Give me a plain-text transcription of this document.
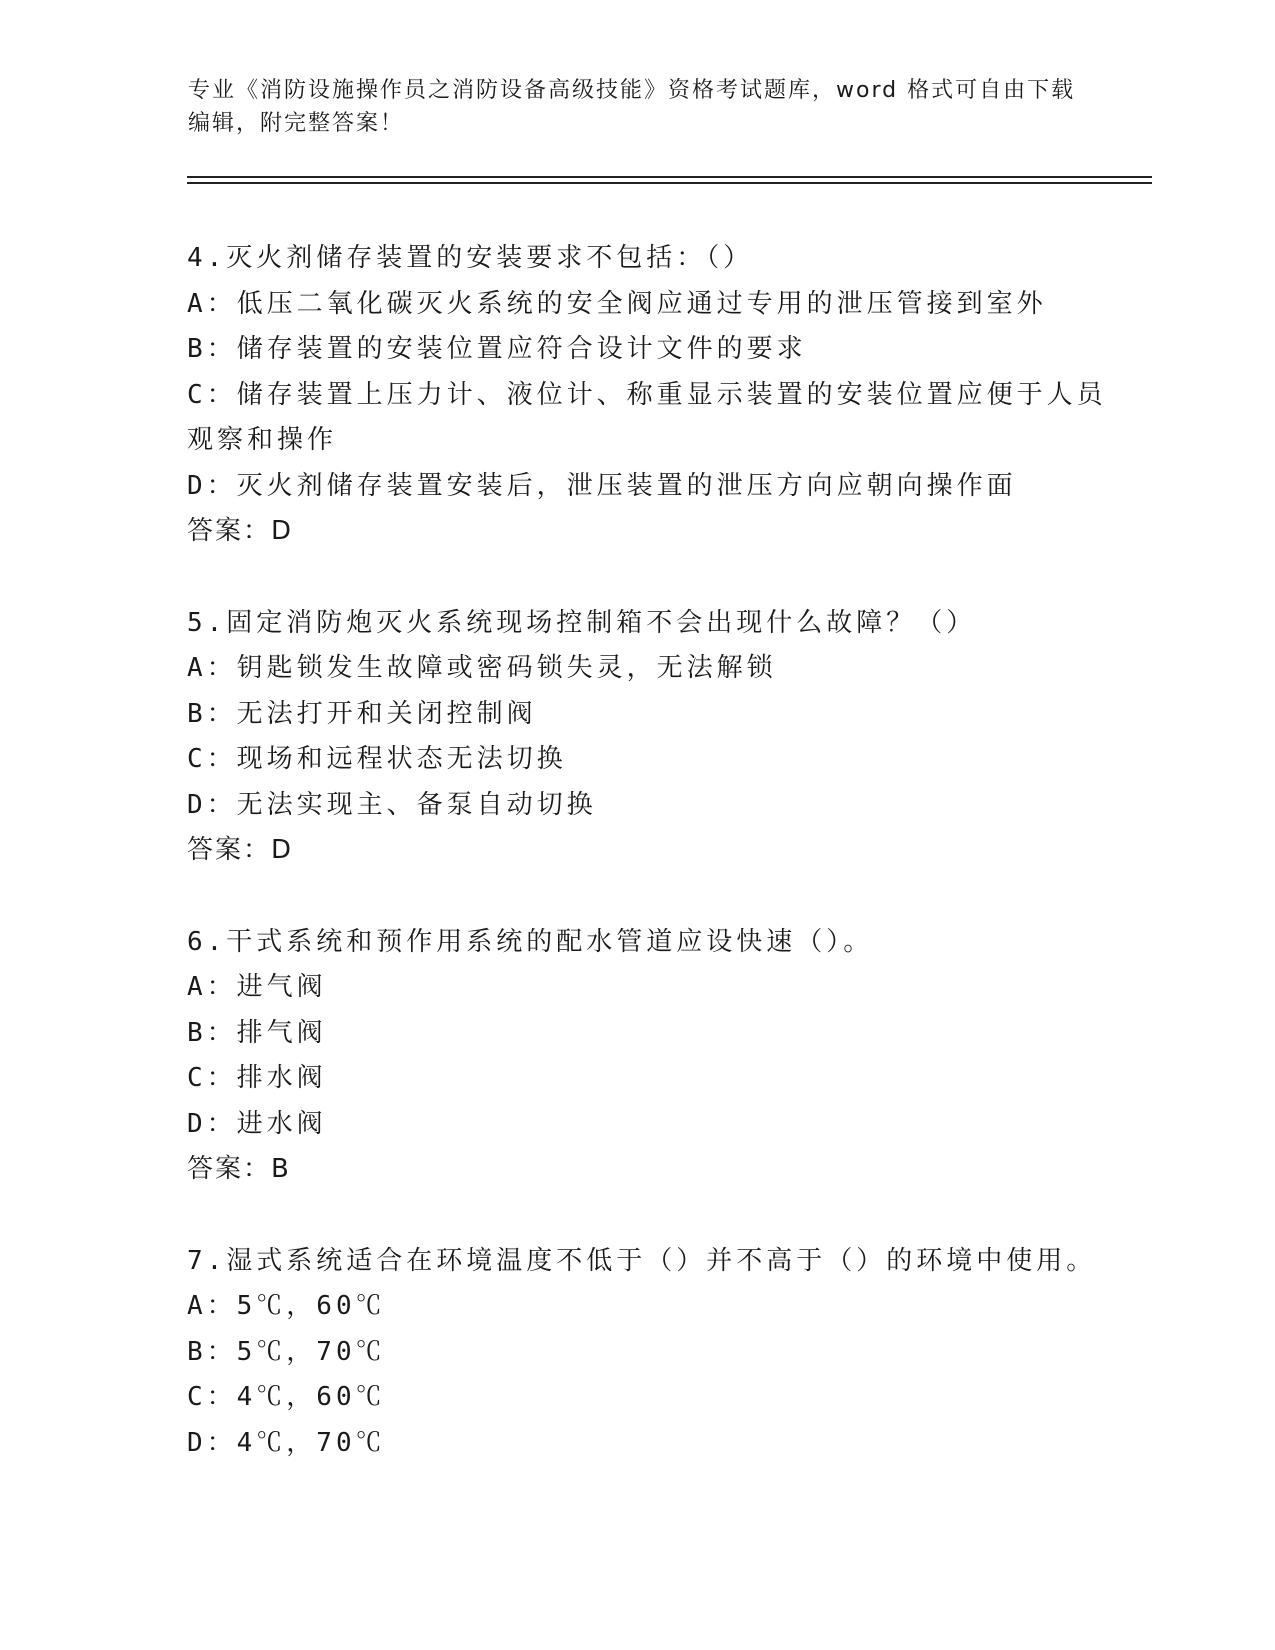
专业《消防设施操作员之消防设备高级技能》资格考试题库，word 格式可自由下载编辑，附完整答案！
4.灭火剂储存装置的安装要求不包括：（）
A：低压二氧化碳灭火系统的安全阀应通过专用的泄压管接到室外
B：储存装置的安装位置应符合设计文件的要求
C：储存装置上压力计、液位计、称重显示装置的安装位置应便于人员观察和操作
D：灭火剂储存装置安装后，泄压装置的泄压方向应朝向操作面
答案：D
5.固定消防炮灭火系统现场控制箱不会出现什么故障？（）
A：钥匙锁发生故障或密码锁失灵，无法解锁
B：无法打开和关闭控制阀
C：现场和远程状态无法切换
D：无法实现主、备泵自动切换
答案：D
6.干式系统和预作用系统的配水管道应设快速（）。
A：进气阀
B：排气阀
C：排水阀
D：进水阀
答案：B
7.湿式系统适合在环境温度不低于（）并不高于（）的环境中使用。
A：5℃，60℃
B：5℃，70℃
C：4℃，60℃
D：4℃，70℃
